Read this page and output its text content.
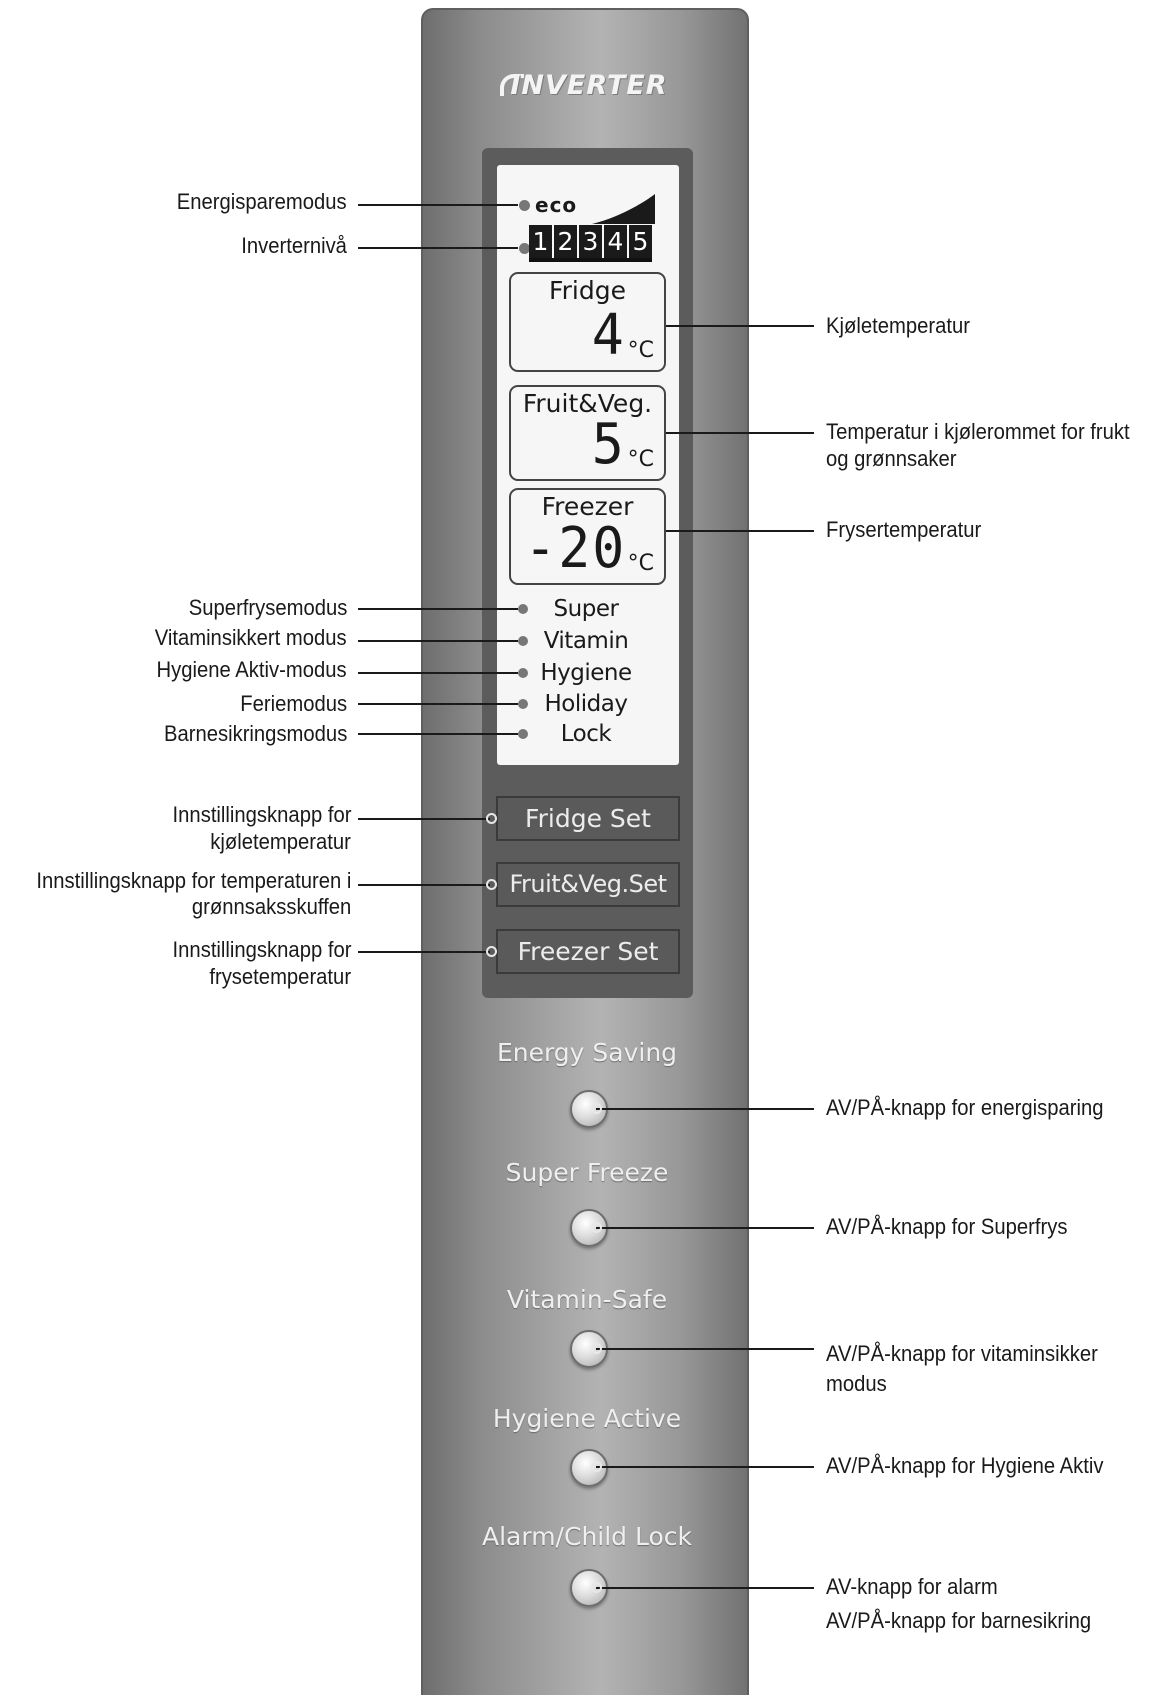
INVERTER
eco
1 2 3 4 5
Fridge
4 °C
Fruit&Veg.
5 °C
Freezer
-20 °C
Super
Vitamin
Hygiene
Holiday
Lock
Fridge Set
Fruit&Veg.Set
Freezer Set
Energy Saving
Super Freeze
Vitamin-Safe
Hygiene Active
Alarm/Child Lock
Energisparemodus
Inverternivå
Superfrysemodus
Vitaminsikkert modus
Hygiene Aktiv-modus
Feriemodus
Barnesikringsmodus
Innstillingsknapp for
kjøletemperatur
Innstillingsknapp for temperaturen i
grønnsaksskuffen
Innstillingsknapp for
frysetemperatur
Kjøletemperatur
Temperatur i kjølerommet for frukt
og grønnsaker
Frysertemperatur
AV/PÅ-knapp for energisparing
AV/PÅ-knapp for Superfrys
AV/PÅ-knapp for vitaminsikker
modus
AV/PÅ-knapp for Hygiene Aktiv
AV-knapp for alarm
AV/PÅ-knapp for barnesikring
